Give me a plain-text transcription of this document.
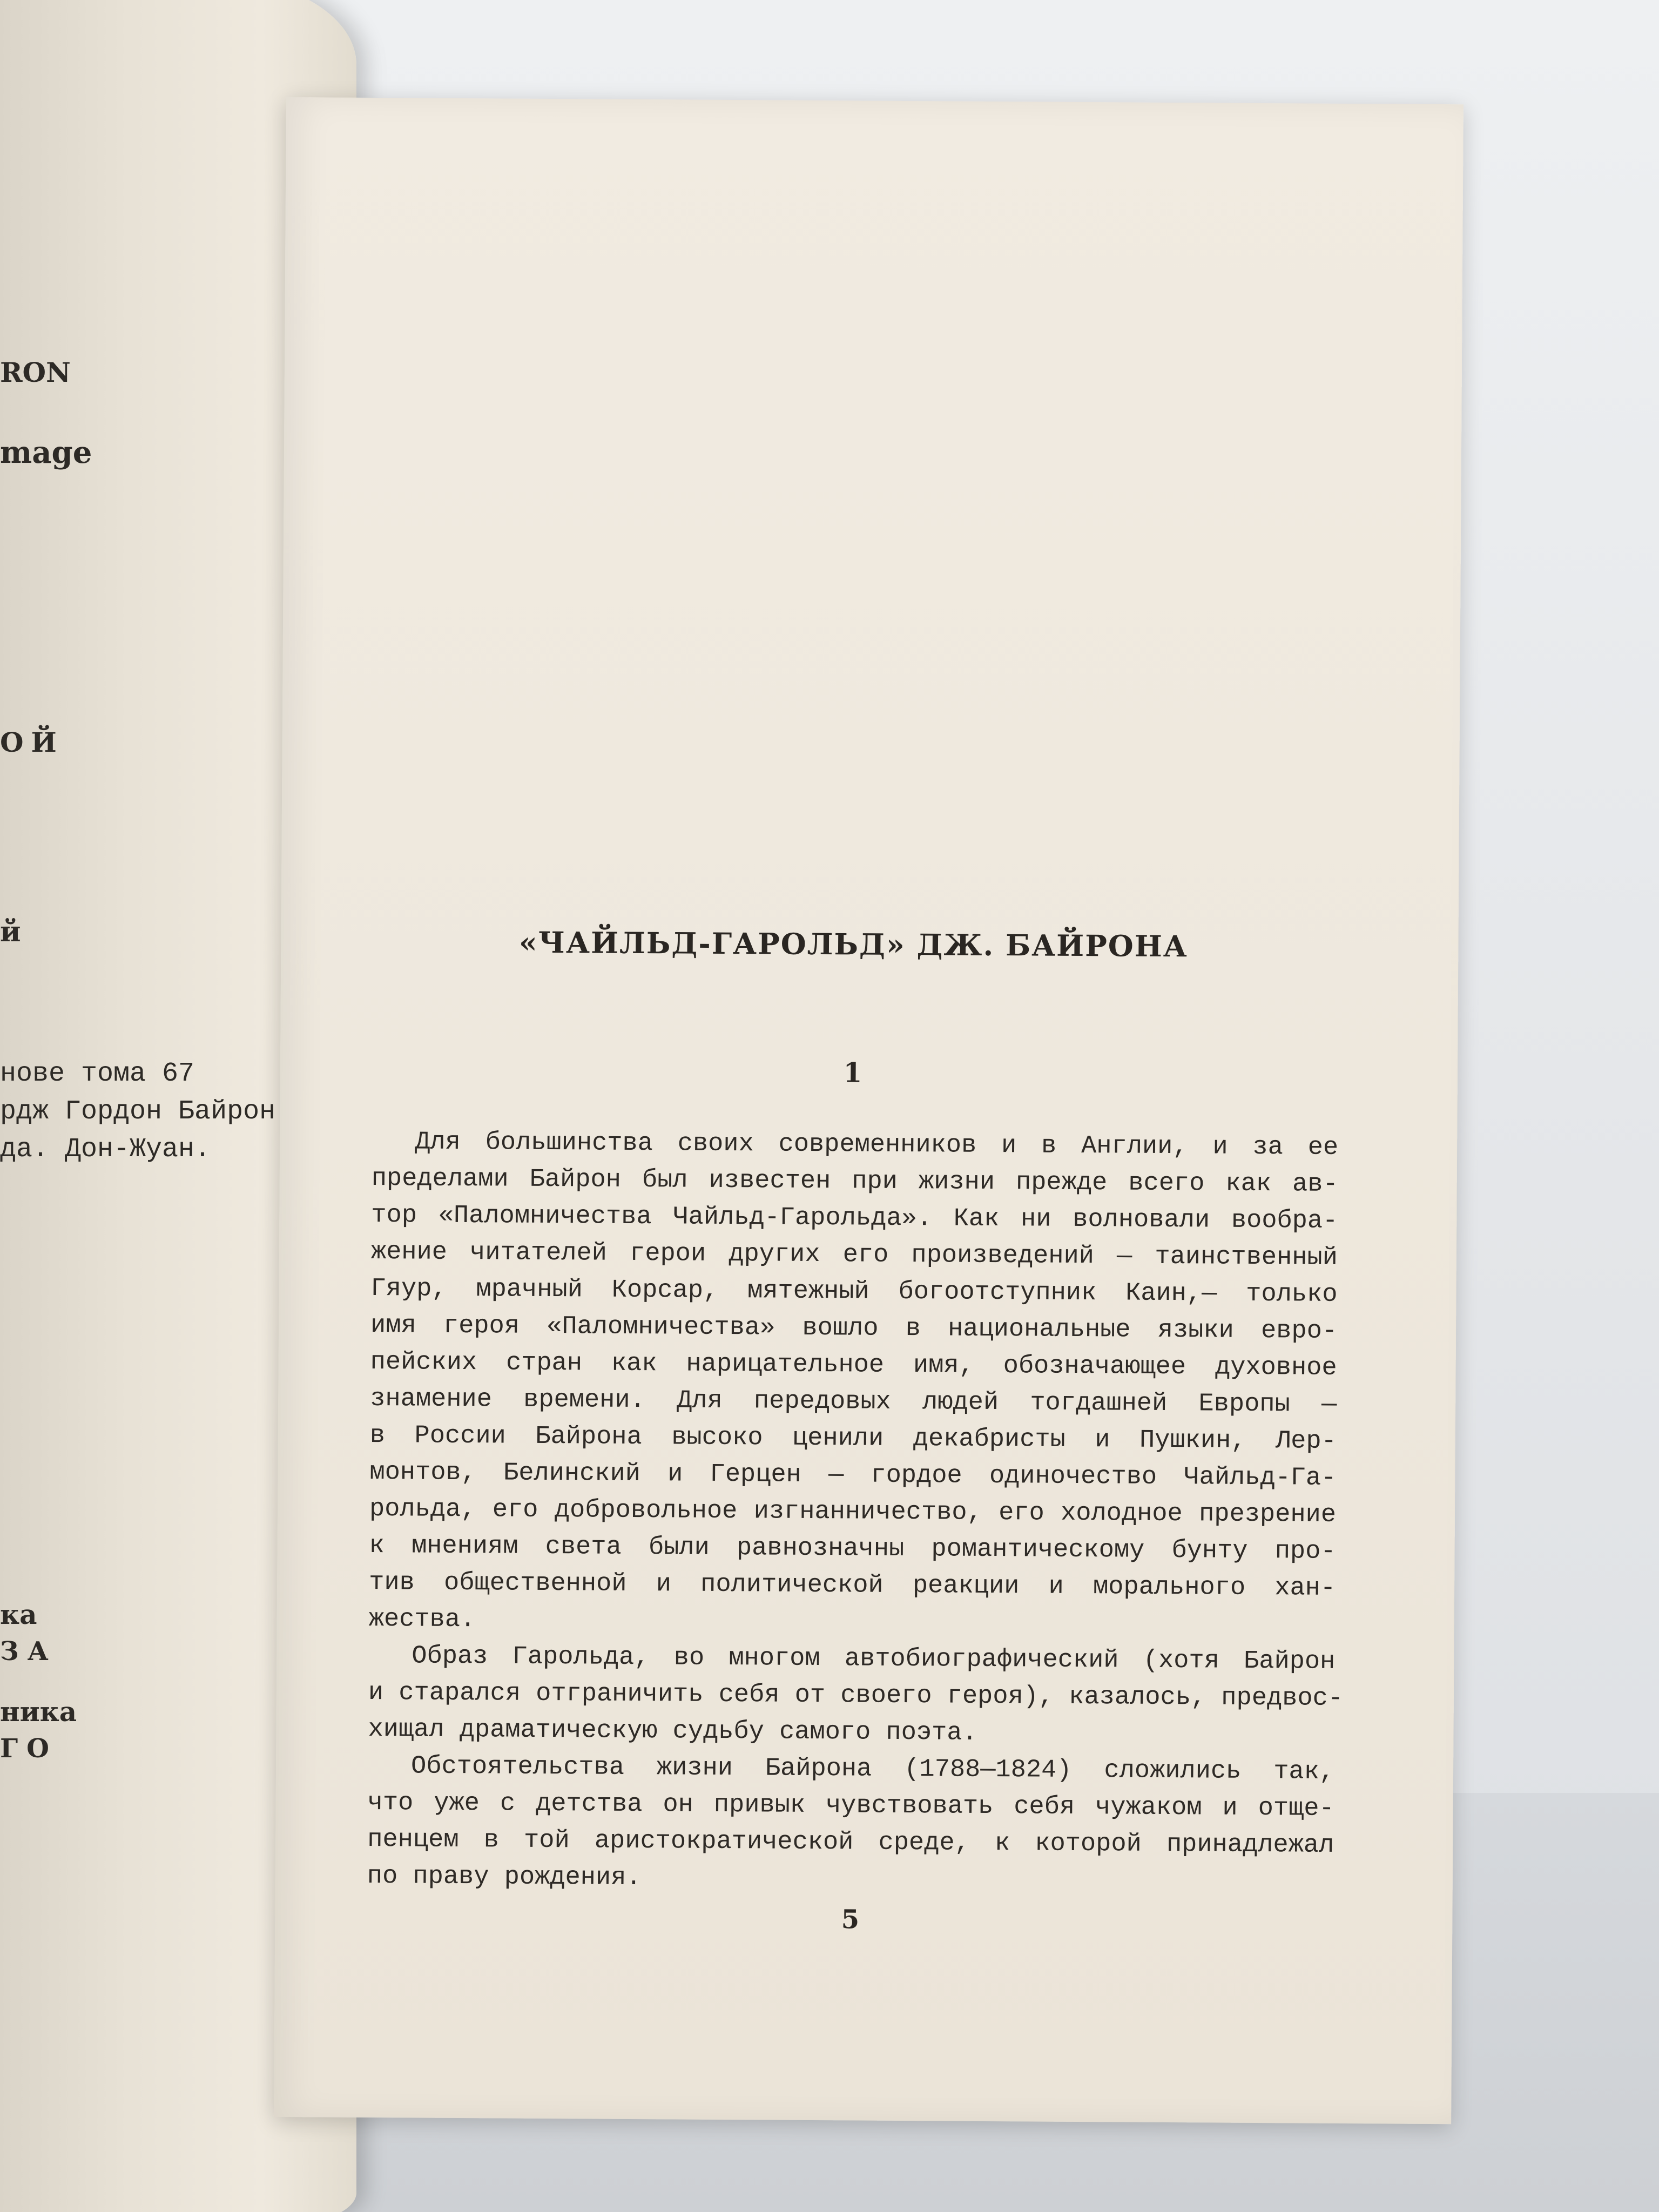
RON
mage
ОЙ
й
нове тома 67
рдж Гордон Байрон
да. Дон-Жуан.
ка
ЗА
ника
ГО
«ЧАЙЛЬД-ГАРОЛЬД» ДЖ. БАЙРОНА
1
Для большинства своих современников и в Англии, и за ее
пределами Байрон был известен при жизни прежде всего как ав-
тор «Паломничества Чайльд-Гарольда». Как ни волновали вообра-
жение читателей герои других его произведений — таинственный
Гяур, мрачный Корсар, мятежный богоотступник Каин,— только
имя героя «Паломничества» вошло в национальные языки евро-
пейских стран как нарицательное имя, обозначающее духовное
знамение времени. Для передовых людей тогдашней Европы —
в России Байрона высоко ценили декабристы и Пушкин, Лер-
монтов, Белинский и Герцен — гордое одиночество Чайльд-Га-
рольда, его добровольное изгнанничество, его холодное презрение
к мнениям света были равнозначны романтическому бунту про-
тив общественной и политической реакции и морального хан-
жества.
Образ Гарольда, во многом автобиографический (хотя Байрон
и старался отграничить себя от своего героя), казалось, предвос-
хищал драматическую судьбу самого поэта.
Обстоятельства жизни Байрона (1788—1824) сложились так,
что уже с детства он привык чувствовать себя чужаком и отще-
пенцем в той аристократической среде, к которой принадлежал
по праву рождения.
5
